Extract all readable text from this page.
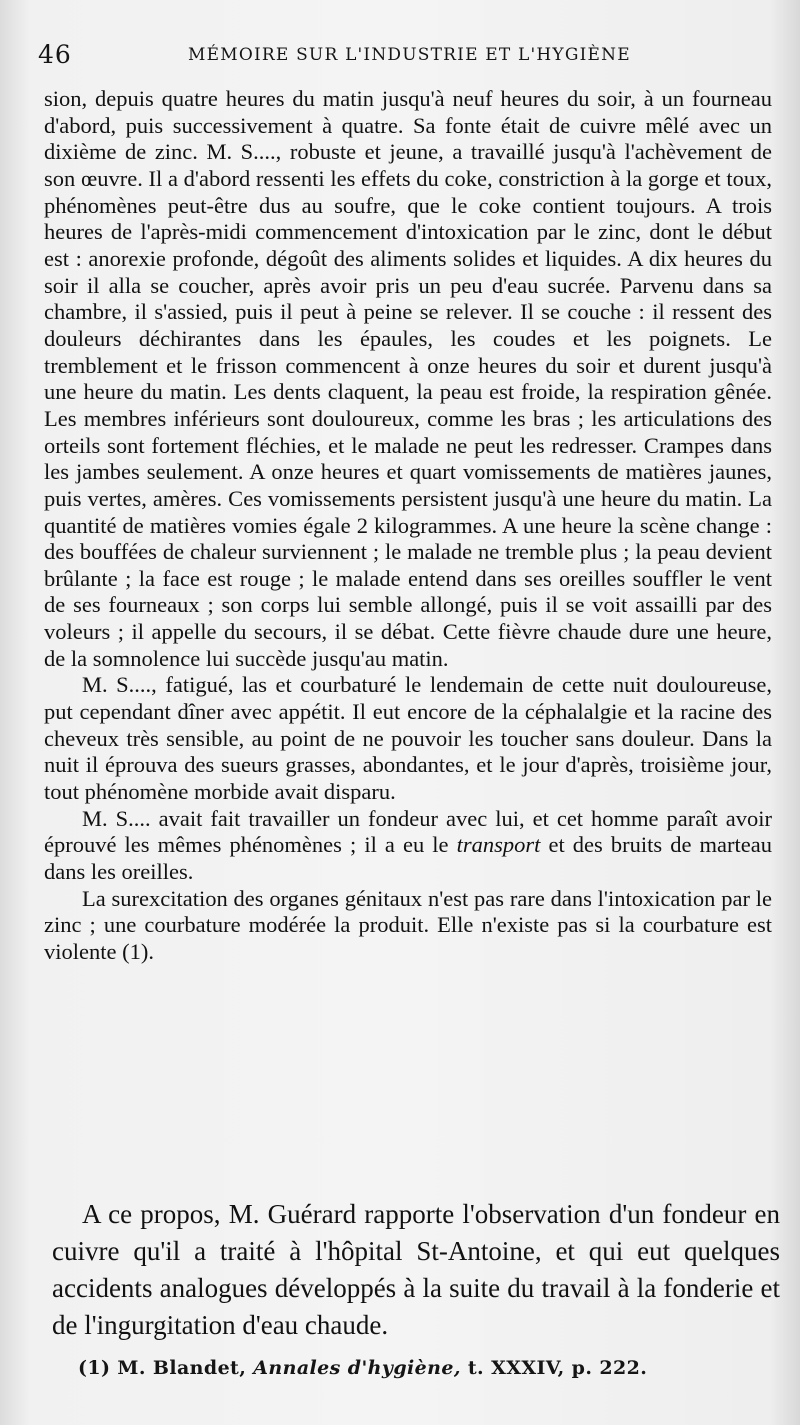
46	MÉMOIRE SUR L'INDUSTRIE ET L'HYGIÈNE

sion, depuis quatre heures du matin jusqu'à neuf heures du soir, à un fourneau d'abord, puis successivement à quatre. Sa fonte était de cuivre mêlé avec un dixième de zinc. M. S...., robuste et jeune, a travaillé jusqu'à l'achèvement de son œuvre. Il a d'abord ressenti les effets du coke, constriction à la gorge et toux, phénomènes peut-être dus au soufre, que le coke contient toujours. A trois heures de l'après-midi commencement d'intoxication par le zinc, dont le début est : anorexie profonde, dégoût des aliments solides et liquides. A dix heures du soir il alla se coucher, après avoir pris un peu d'eau sucrée. Parvenu dans sa chambre, il s'assied, puis il peut à peine se relever. Il se couche : il ressent des douleurs déchirantes dans les épaules, les coudes et les poignets. Le tremblement et le frisson commencent à onze heures du soir et durent jusqu'à une heure du matin. Les dents claquent, la peau est froide, la respiration gênée. Les membres inférieurs sont douloureux, comme les bras ; les articulations des orteils sont fortement fléchies, et le malade ne peut les redresser. Crampes dans les jambes seulement. A onze heures et quart vomissements de matières jaunes, puis vertes, amères. Ces vomissements persistent jusqu'à une heure du matin. La quantité de matières vomies égale 2 kilogrammes. A une heure la scène change : des bouffées de chaleur surviennent ; le malade ne tremble plus ; la peau devient brûlante ; la face est rouge ; le malade entend dans ses oreilles souffler le vent de ses fourneaux ; son corps lui semble allongé, puis il se voit assailli par des voleurs ; il appelle du secours, il se débat. Cette fièvre chaude dure une heure, de la somnolence lui succède jusqu'au matin.

M. S...., fatigué, las et courbaturé le lendemain de cette nuit douloureuse, put cependant dîner avec appétit. Il eut encore de la céphalalgie et la racine des cheveux très sensible, au point de ne pouvoir les toucher sans douleur. Dans la nuit il éprouva des sueurs grasses, abondantes, et le jour d'après, troisième jour, tout phénomène morbide avait disparu.

M. S.... avait fait travailler un fondeur avec lui, et cet homme paraît avoir éprouvé les mêmes phénomènes ; il a eu le transport et des bruits de marteau dans les oreilles.

La surexcitation des organes génitaux n'est pas rare dans l'intoxication par le zinc ; une courbature modérée la produit. Elle n'existe pas si la courbature est violente (1).

A ce propos, M. Guérard rapporte l'observation d'un fondeur en cuivre qu'il a traité à l'hôpital St-Antoine, et qui eut quelques accidents analogues développés à la suite du travail à la fonderie et de l'ingurgitation d'eau chaude.

(1) M. Blandet, Annales d'hygiène, t. XXXIV, p. 222.
